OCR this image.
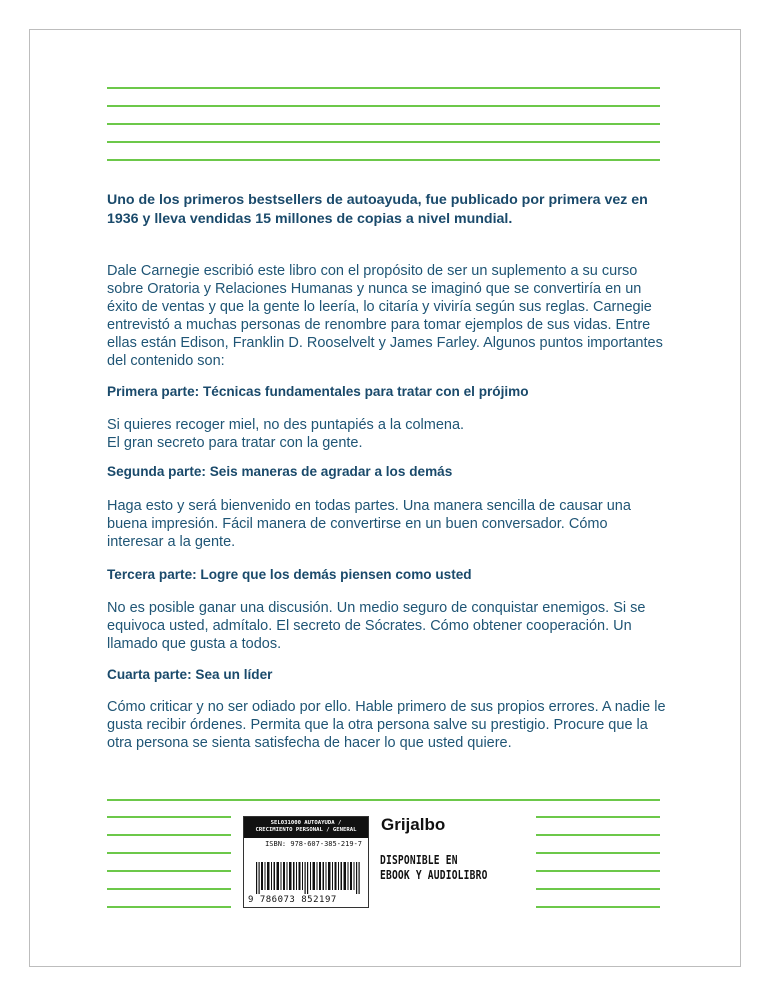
Uno de los primeros bestsellers de autoayuda, fue publicado por primera vez en 1936 y lleva vendidas 15 millones de copias a nivel mundial.

Dale Carnegie escribió este libro con el propósito de ser un suplemento a su curso sobre Oratoria y Relaciones Humanas y nunca se imaginó que se convertiría en un éxito de ventas y que la gente lo leería, lo citaría y viviría según sus reglas. Carnegie entrevistó a muchas personas de renombre para tomar ejemplos de sus vidas. Entre ellas están Edison, Franklin D. Rooselvelt y James Farley. Algunos puntos importantes del contenido son:

Primera parte: Técnicas fundamentales para tratar con el prójimo

Si quieres recoger miel, no des puntapiés a la colmena.

El gran secreto para tratar con la gente.

Segunda parte: Seis maneras de agradar a los demás

Haga esto y será bienvenido en todas partes. Una manera sencilla de causar una buena impresión. Fácil manera de convertirse en un buen conversador. Cómo interesar a la gente.

Tercera parte: Logre que los demás piensen como usted

No es posible ganar una discusión. Un medio seguro de conquistar enemigos. Si se equivoca usted, admítalo. El secreto de Sócrates. Cómo obtener cooperación. Un llamado que gusta a todos.

Cuarta parte: Sea un líder

Cómo criticar y no ser odiado por ello. Hable primero de sus propios errores. A nadie le gusta recibir órdenes. Permita que la otra persona salve su prestigio. Procure que la otra persona se sienta satisfecha de hacer lo que usted quiere.

SEL031000 AUTOAYUDA /
CRECIMIENTO PERSONAL / GENERAL
ISBN: 978-607-385-219-7
9 786073 852197
Grijalbo
DISPONIBLE EN
EBOOK Y AUDIOLIBRO
